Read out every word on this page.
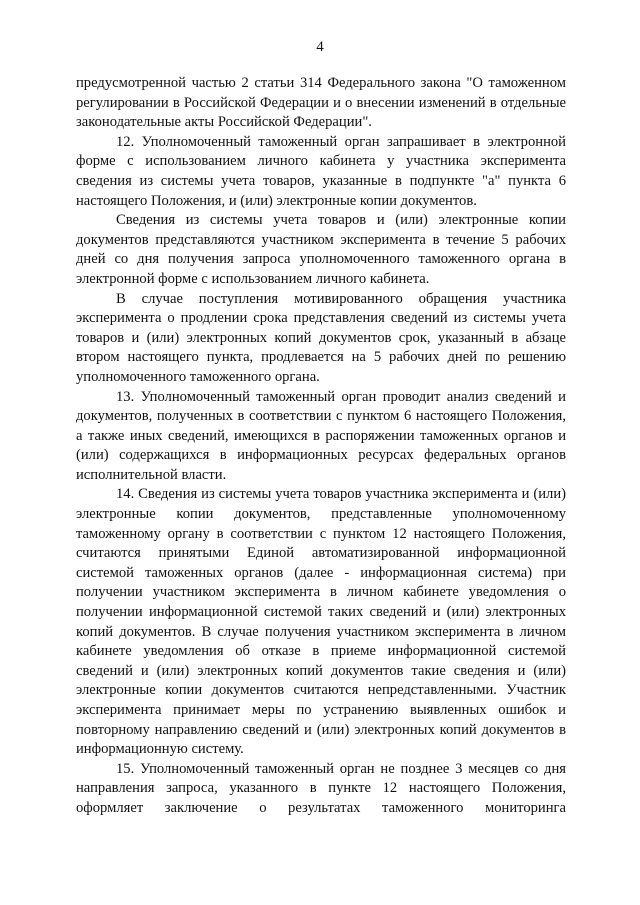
4

предусмотренной частью 2 статьи 314 Федерального закона "О таможенном регулировании в Российской Федерации и о внесении изменений в отдельные законодательные акты Российской Федерации".

12. Уполномоченный таможенный орган запрашивает в электронной форме с использованием личного кабинета у участника эксперимента сведения из системы учета товаров, указанные в подпункте "а" пункта 6 настоящего Положения, и (или) электронные копии документов.

Сведения из системы учета товаров и (или) электронные копии документов представляются участником эксперимента в течение 5 рабочих дней со дня получения запроса уполномоченного таможенного органа в электронной форме с использованием личного кабинета.

В случае поступления мотивированного обращения участника эксперимента о продлении срока представления сведений из системы учета товаров и (или) электронных копий документов срок, указанный в абзаце втором настоящего пункта, продлевается на 5 рабочих дней по решению уполномоченного таможенного органа.

13. Уполномоченный таможенный орган проводит анализ сведений и документов, полученных в соответствии с пунктом 6 настоящего Положения, а также иных сведений, имеющихся в распоряжении таможенных органов и (или) содержащихся в информационных ресурсах федеральных органов исполнительной власти.

14. Сведения из системы учета товаров участника эксперимента и (или) электронные копии документов, представленные уполномоченному таможенному органу в соответствии с пунктом 12 настоящего Положения, считаются принятыми Единой автоматизированной информационной системой таможенных органов (далее - информационная система) при получении участником эксперимента в личном кабинете уведомления о получении информационной системой таких сведений и (или) электронных копий документов. В случае получения участником эксперимента в личном кабинете уведомления об отказе в приеме информационной системой сведений и (или) электронных копий документов такие сведения и (или) электронные копии документов считаются непредставленными. Участник эксперимента принимает меры по устранению выявленных ошибок и повторному направлению сведений и (или) электронных копий документов в информационную систему.

15. Уполномоченный таможенный орган не позднее 3 месяцев со дня направления запроса, указанного в пункте 12 настоящего Положения, оформляет заключение о результатах таможенного мониторинга
